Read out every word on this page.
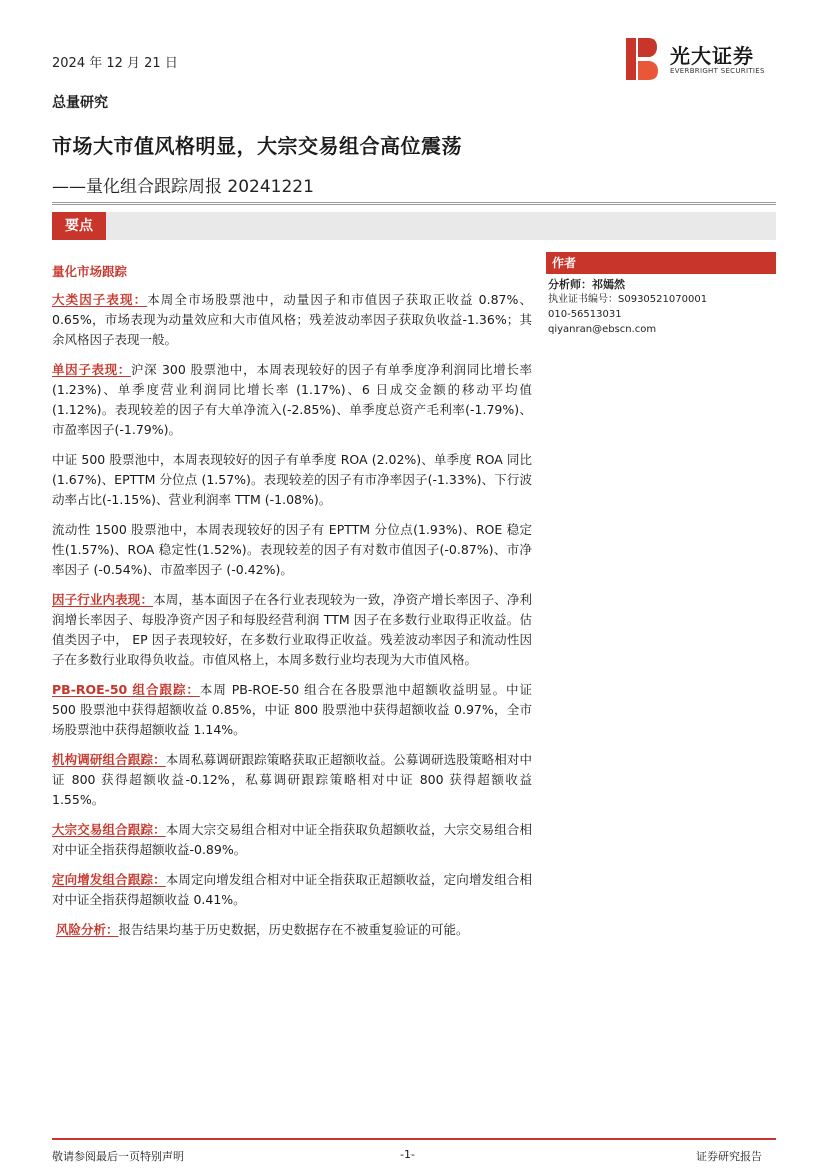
2024 年 12 月 21 日	光大证券
EVERBRIGHT SECURITIES
总量研究
市场大市值风格明显，大宗交易组合高位震荡
——量化组合跟踪周报 20241221
要点
量化市场跟踪

大类因子表现：本周全市场股票池中，动量因子和市值因子获取正收益 0.87%、0.65%，市场表现为动量效应和大市值风格；残差波动率因子获取负收益-1.36%；其余风格因子表现一般。

单因子表现：沪深 300 股票池中，本周表现较好的因子有单季度净利润同比增长率 (1.23%)、单季度营业利润同比增长率 (1.17%)、6 日成交金额的移动平均值 (1.12%)。表现较差的因子有大单净流入(-2.85%)、单季度总资产毛利率(-1.79%)、市盈率因子(-1.79%)。

中证 500 股票池中，本周表现较好的因子有单季度 ROA (2.02%)、单季度 ROA 同比(1.67%)、EPTTM 分位点 (1.57%)。表现较差的因子有市净率因子(-1.33%)、下行波动率占比(-1.15%)、营业利润率 TTM (-1.08%)。

流动性 1500 股票池中，本周表现较好的因子有 EPTTM 分位点(1.93%)、ROE 稳定性(1.57%)、ROA 稳定性(1.52%)。表现较差的因子有对数市值因子(-0.87%)、市净率因子 (-0.54%)、市盈率因子 (-0.42%)。

因子行业内表现：本周，基本面因子在各行业表现较为一致，净资产增长率因子、净利润增长率因子、每股净资产因子和每股经营利润 TTM 因子在多数行业取得正收益。估值类因子中， EP 因子表现较好，在多数行业取得正收益。残差波动率因子和流动性因子在多数行业取得负收益。市值风格上，本周多数行业均表现为大市值风格。

PB-ROE-50 组合跟踪：本周 PB-ROE-50 组合在各股票池中超额收益明显。中证 500 股票池中获得超额收益 0.85%，中证 800 股票池中获得超额收益 0.97%，全市场股票池中获得超额收益 1.14%。

机构调研组合跟踪：本周私募调研跟踪策略获取正超额收益。公募调研选股策略相对中证 800 获得超额收益-0.12%，私募调研跟踪策略相对中证 800 获得超额收益 1.55%。

大宗交易组合跟踪：本周大宗交易组合相对中证全指获取负超额收益，大宗交易组合相对中证全指获得超额收益-0.89%。

定向增发组合跟踪：本周定向增发组合相对中证全指获取正超额收益，定向增发组合相对中证全指获得超额收益 0.41%。

风险分析：报告结果均基于历史数据，历史数据存在不被重复验证的可能。
作者
分析师：祁嫣然
执业证书编号：S0930521070001
010-56513031
qiyanran@ebscn.com
敬请参阅最后一页特别声明	-1-	证券研究报告
